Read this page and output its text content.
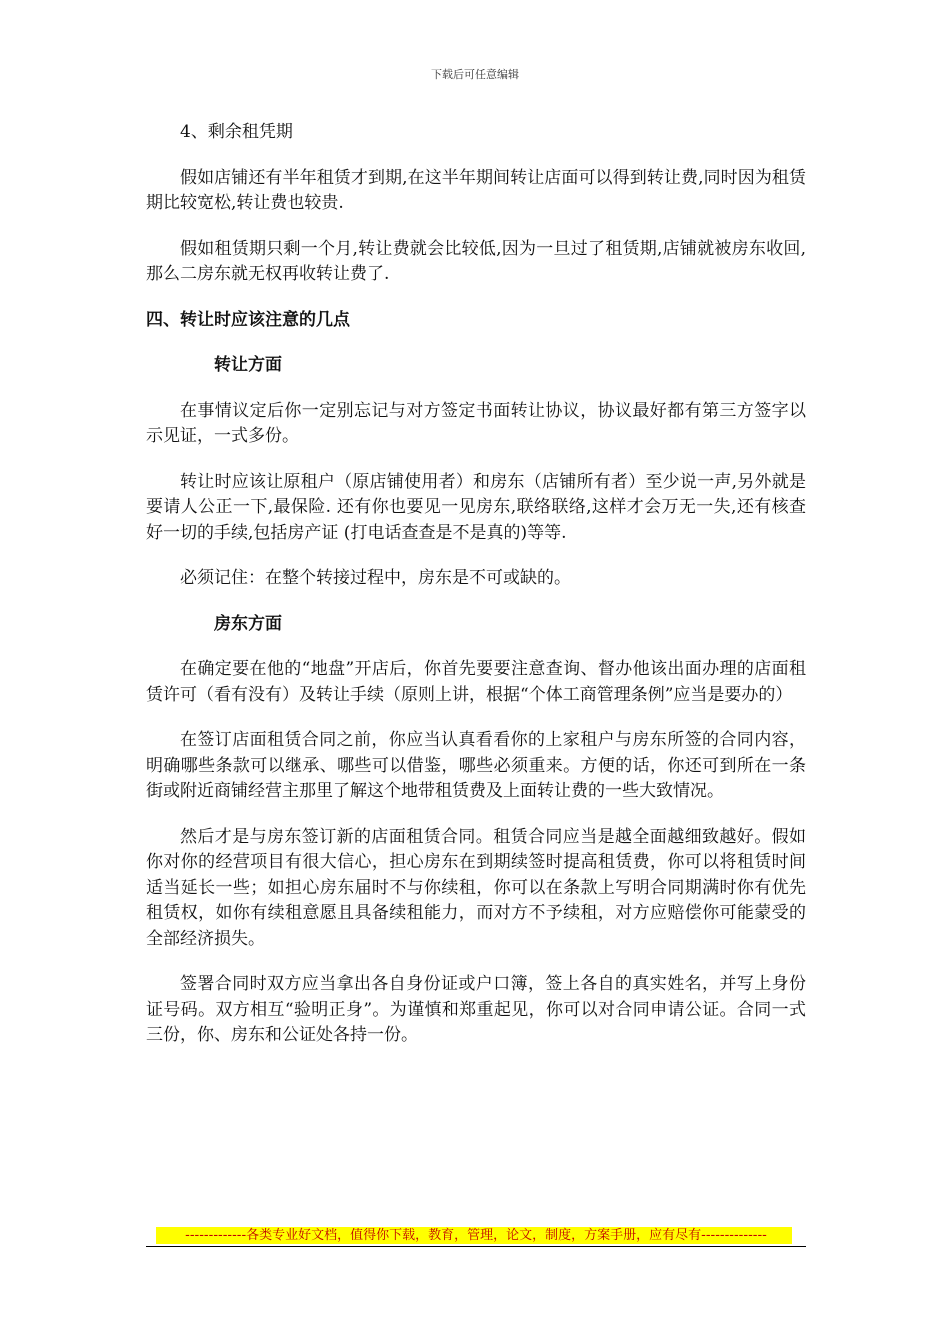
下载后可任意编辑

4、剩余租凭期

假如店铺还有半年租赁才到期,在这半年期间转让店面可以得到转让费,同时因为租赁期比较宽松,转让费也较贵.

假如租赁期只剩一个月,转让费就会比较低,因为一旦过了租赁期,店铺就被房东收回,那么二房东就无权再收转让费了.

四、转让时应该注意的几点

转让方面

在事情议定后你一定别忘记与对方签定书面转让协议，协议最好都有第三方签字以示见证，一式多份。

转让时应该让原租户（原店铺使用者）和房东（店铺所有者）至少说一声,另外就是要请人公正一下,最保险. 还有你也要见一见房东,联络联络,这样才会万无一失,还有核查好一切的手续,包括房产证 (打电话查查是不是真的)等等.

必须记住：在整个转接过程中，房东是不可或缺的。

房东方面

在确定要在他的“地盘”开店后，你首先要要注意查询、督办他该出面办理的店面租赁许可（看有没有）及转让手续（原则上讲，根据“个体工商管理条例”应当是要办的）

在签订店面租赁合同之前，你应当认真看看你的上家租户与房东所签的合同内容，明确哪些条款可以继承、哪些可以借鉴，哪些必须重来。方便的话，你还可到所在一条街或附近商铺经营主那里了解这个地带租赁费及上面转让费的一些大致情况。

然后才是与房东签订新的店面租赁合同。租赁合同应当是越全面越细致越好。假如你对你的经营项目有很大信心，担心房东在到期续签时提高租赁费，你可以将租赁时间适当延长一些；如担心房东届时不与你续租，你可以在条款上写明合同期满时你有优先租赁权，如你有续租意愿且具备续租能力，而对方不予续租，对方应赔偿你可能蒙受的全部经济损失。

签署合同时双方应当拿出各自身份证或户口簿，签上各自的真实姓名，并写上身份证号码。双方相互“验明正身”。为谨慎和郑重起见，你可以对合同申请公证。合同一式三份，你、房东和公证处各持一份。

-------------各类专业好文档，值得你下载，教育，管理，论文，制度，方案手册，应有尽有--------------
